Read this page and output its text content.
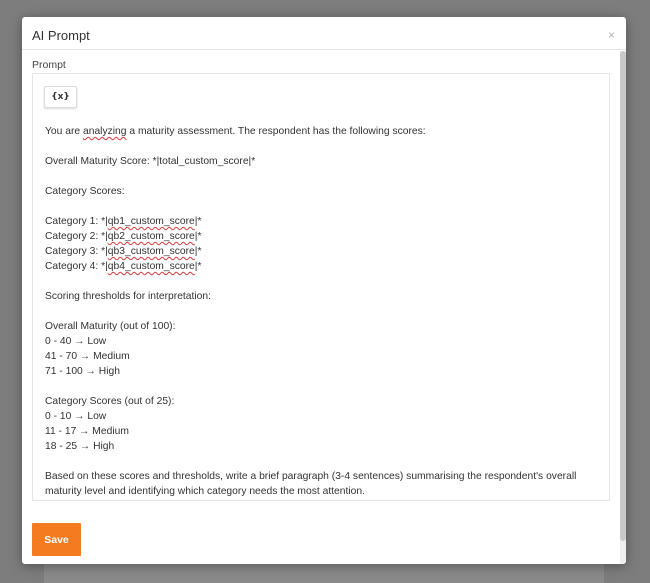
AI Prompt	×
Prompt
{x}
You are analyzing a maturity assessment. The respondent has the following scores:
Overall Maturity Score: *|total_custom_score|*
Category Scores:
Category 1: *|qb1_custom_score|*
Category 2: *|qb2_custom_score|*
Category 3: *|qb3_custom_score|*
Category 4: *|qb4_custom_score|*
Scoring thresholds for interpretation:
Overall Maturity (out of 100):
0 - 40 → Low
41 - 70 → Medium
71 - 100 → High
Category Scores (out of 25):
0 - 10 → Low
11 - 17 → Medium
18 - 25 → High
Based on these scores and thresholds, write a brief paragraph (3-4 sentences) summarising the respondent's overall
maturity level and identifying which category needs the most attention.
Save
